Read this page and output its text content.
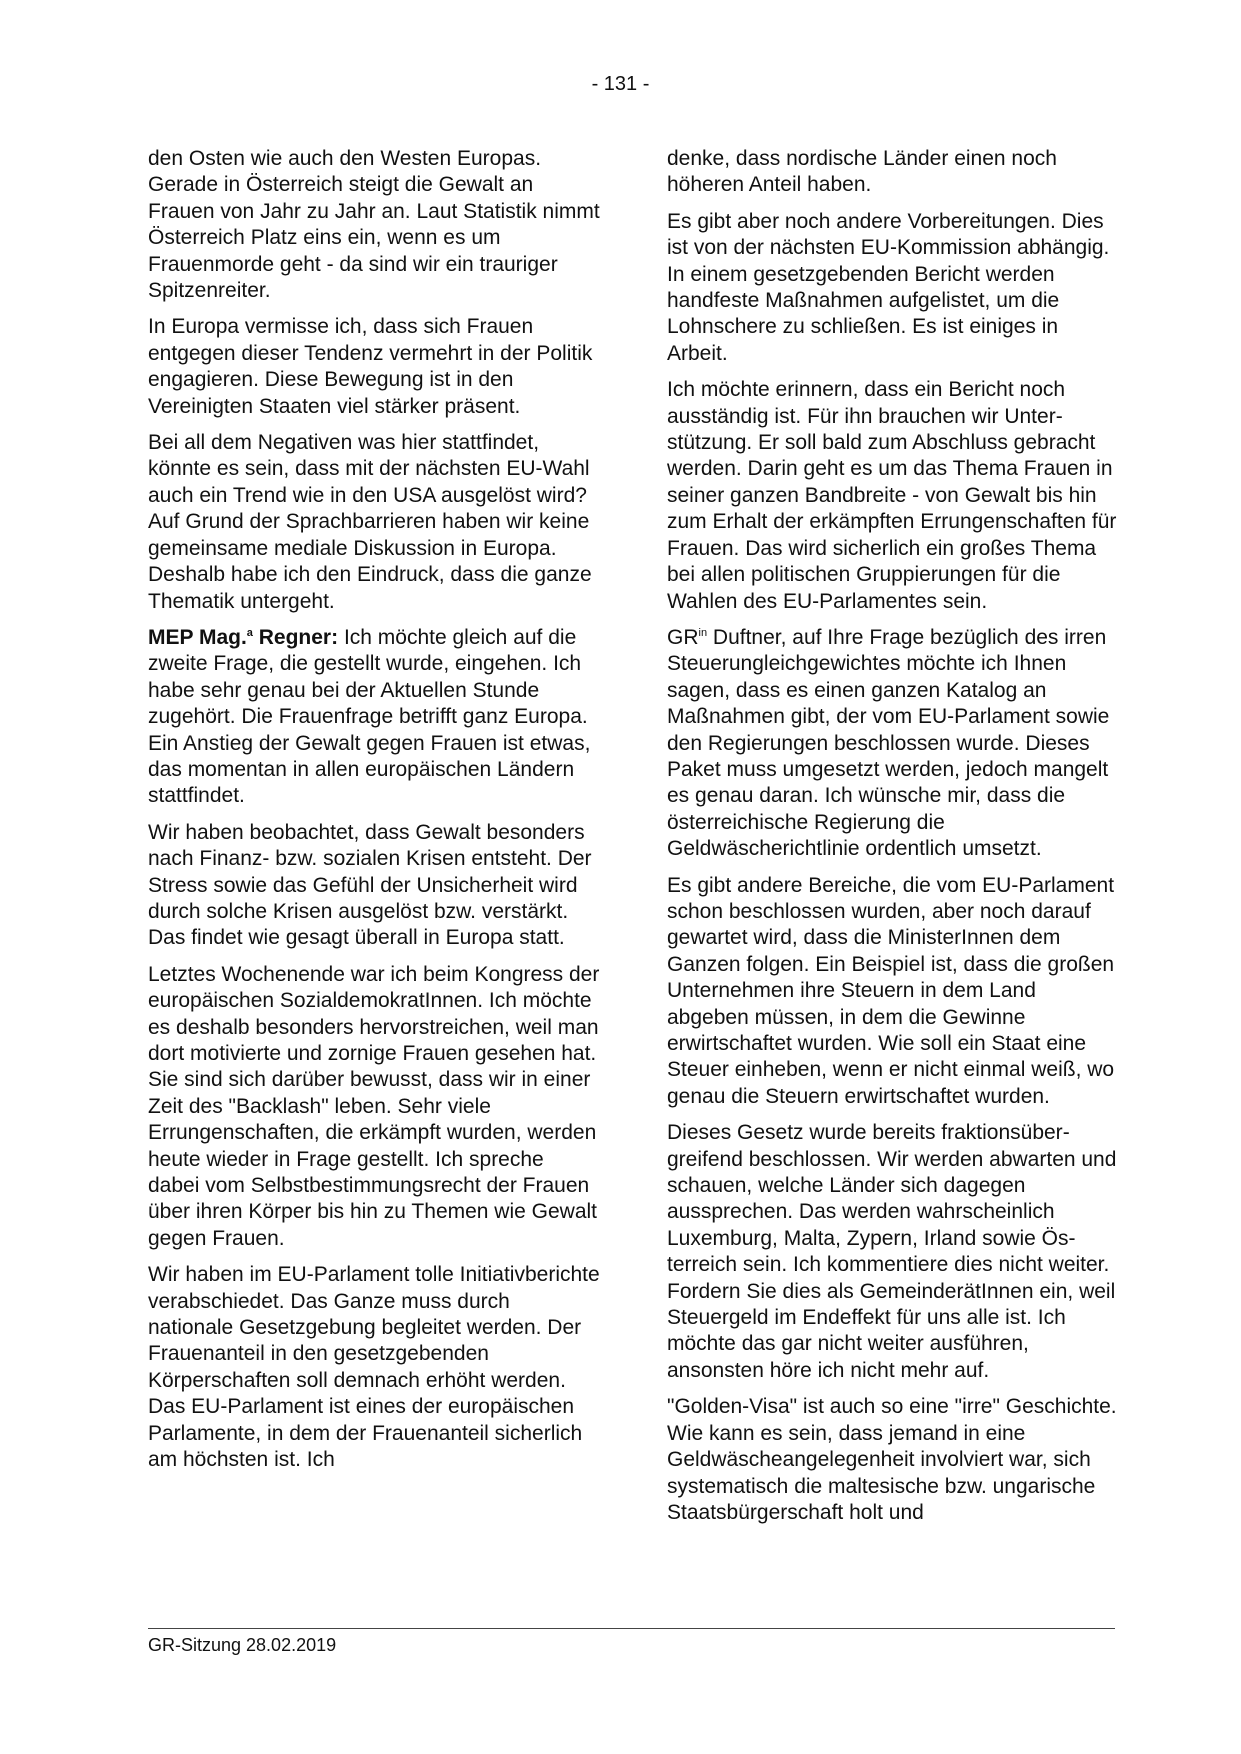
- 131 -

den Osten wie auch den Westen Europas. Gerade in Österreich steigt die Gewalt an Frauen von Jahr zu Jahr an. Laut Statistik nimmt Österreich Platz eins ein, wenn es um Frauenmorde geht - da sind wir ein trauriger Spitzenreiter.

In Europa vermisse ich, dass sich Frauen entgegen dieser Tendenz vermehrt in der Politik engagieren. Diese Bewegung ist in den Vereinigten Staaten viel stärker präsent.

Bei all dem Negativen was hier stattfindet, könnte es sein, dass mit der nächsten EU-Wahl auch ein Trend wie in den USA ausgelöst wird? Auf Grund der Sprachbarrieren haben wir keine gemeinsame mediale Diskussion in Europa. Deshalb habe ich den Eindruck, dass die ganze Thematik untergeht.

MEP Mag.$^a$ Regner: Ich möchte gleich auf die zweite Frage, die gestellt wurde, eingehen. Ich habe sehr genau bei der Aktuellen Stunde zugehört. Die Frauenfrage betrifft ganz Europa. Ein Anstieg der Gewalt gegen Frauen ist etwas, das momentan in allen europäischen Ländern stattfindet.

Wir haben beobachtet, dass Gewalt besonders nach Finanz- bzw. sozialen Krisen entsteht. Der Stress sowie das Gefühl der Unsicherheit wird durch solche Krisen ausgelöst bzw. verstärkt. Das findet wie gesagt überall in Europa statt.

Letztes Wochenende war ich beim Kongress der europäischen SozialdemokratInnen. Ich möchte es deshalb besonders hervorstreichen, weil man dort motivierte und zornige Frauen gesehen hat. Sie sind sich darüber bewusst, dass wir in einer Zeit des "Backlash" leben. Sehr viele Errungenschaften, die erkämpft wurden, werden heute wieder in Frage gestellt. Ich spreche dabei vom Selbstbestimmungsrecht der Frauen über ihren Körper bis hin zu Themen wie Gewalt gegen Frauen.

Wir haben im EU-Parlament tolle Initiativberichte verabschiedet. Das Ganze muss durch nationale Gesetzgebung begleitet werden. Der Frauenanteil in den gesetzgebenden Körperschaften soll demnach erhöht werden. Das EU-Parlament ist eines der europäischen Parlamente, in dem der Frauenanteil sicherlich am höchsten ist. Ich

denke, dass nordische Länder einen noch höheren Anteil haben.

Es gibt aber noch andere Vorbereitungen. Dies ist von der nächsten EU-Kommission abhängig. In einem gesetzgebenden Bericht werden handfeste Maßnahmen aufgelistet, um die Lohnschere zu schließen. Es ist einiges in Arbeit.

Ich möchte erinnern, dass ein Bericht noch ausständig ist. Für ihn brauchen wir Unterstützung. Er soll bald zum Abschluss gebracht werden. Darin geht es um das Thema Frauen in seiner ganzen Bandbreite - von Gewalt bis hin zum Erhalt der erkämpften Errungenschaften für Frauen. Das wird sicherlich ein großes Thema bei allen politischen Gruppierungen für die Wahlen des EU-Parlamentes sein.

$GR^{in}$ Duftner, auf Ihre Frage bezüglich des irren Steuerungleichgewichtes möchte ich Ihnen sagen, dass es einen ganzen Katalog an Maßnahmen gibt, der vom EU-Parlament sowie den Regierungen beschlossen wurde. Dieses Paket muss umgesetzt werden, jedoch mangelt es genau daran. Ich wünsche mir, dass die österreichische Regierung die Geldwäscherichtlinie ordentlich umsetzt.

Es gibt andere Bereiche, die vom EU-Parlament schon beschlossen wurden, aber noch darauf gewartet wird, dass die MinisterInnen dem Ganzen folgen. Ein Beispiel ist, dass die großen Unternehmen ihre Steuern in dem Land abgeben müssen, in dem die Gewinne erwirtschaftet wurden. Wie soll ein Staat eine Steuer einheben, wenn er nicht einmal weiß, wo genau die Steuern erwirtschaftet wurden.

Dieses Gesetz wurde bereits fraktionsübergreifend beschlossen. Wir werden abwarten und schauen, welche Länder sich dagegen aussprechen. Das werden wahrscheinlich Luxemburg, Malta, Zypern, Irland sowie Österreich sein. Ich kommentiere dies nicht weiter. Fordern Sie dies als GemeinderätInnen ein, weil Steuergeld im Endeffekt für uns alle ist. Ich möchte das gar nicht weiter ausführen, ansonsten höre ich nicht mehr auf.

"Golden-Visa" ist auch so eine "irre" Geschichte. Wie kann es sein, dass jemand in eine Geldwäscheangelegenheit involviert war, sich systematisch die maltesische bzw. ungarische Staatsbürgerschaft holt und

GR-Sitzung 28.02.2019
